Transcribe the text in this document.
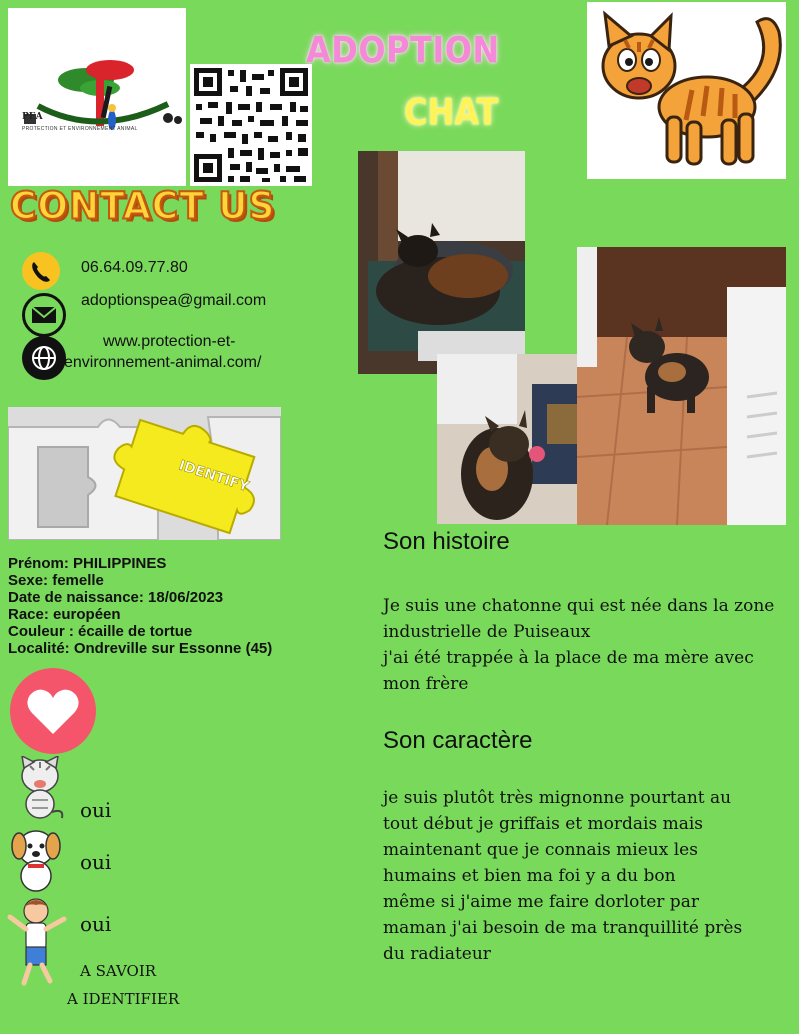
PROTECTION ET ENVIRONNEMENT ANIMAL
PEA
ADOPTION
CHAT
CONTACT US
06.64.09.77.80
adoptionspea@gmail.com
www.protection-et-
environnement-animal.com/
IDENTIFY
Prénom: PHILIPPINES
Sexe: femelle
Date de naissance: 18/06/2023
Race: européen
Couleur : écaille de tortue
Localité: Ondreville sur Essonne (45)
oui
oui
oui
A SAVOIR
A IDENTIFIER
Son histoire
Je suis une chatonne qui est née dans la zone
industrielle de Puiseaux
j'ai été trappée à la place de ma mère avec
mon frère
Son caractère
je suis plutôt très mignonne pourtant au
tout début je griffais et mordais mais
maintenant que je connais mieux les
humains et bien ma foi y a du bon
même si j'aime me faire dorloter par
maman j'ai besoin de ma tranquillité près
du radiateur
